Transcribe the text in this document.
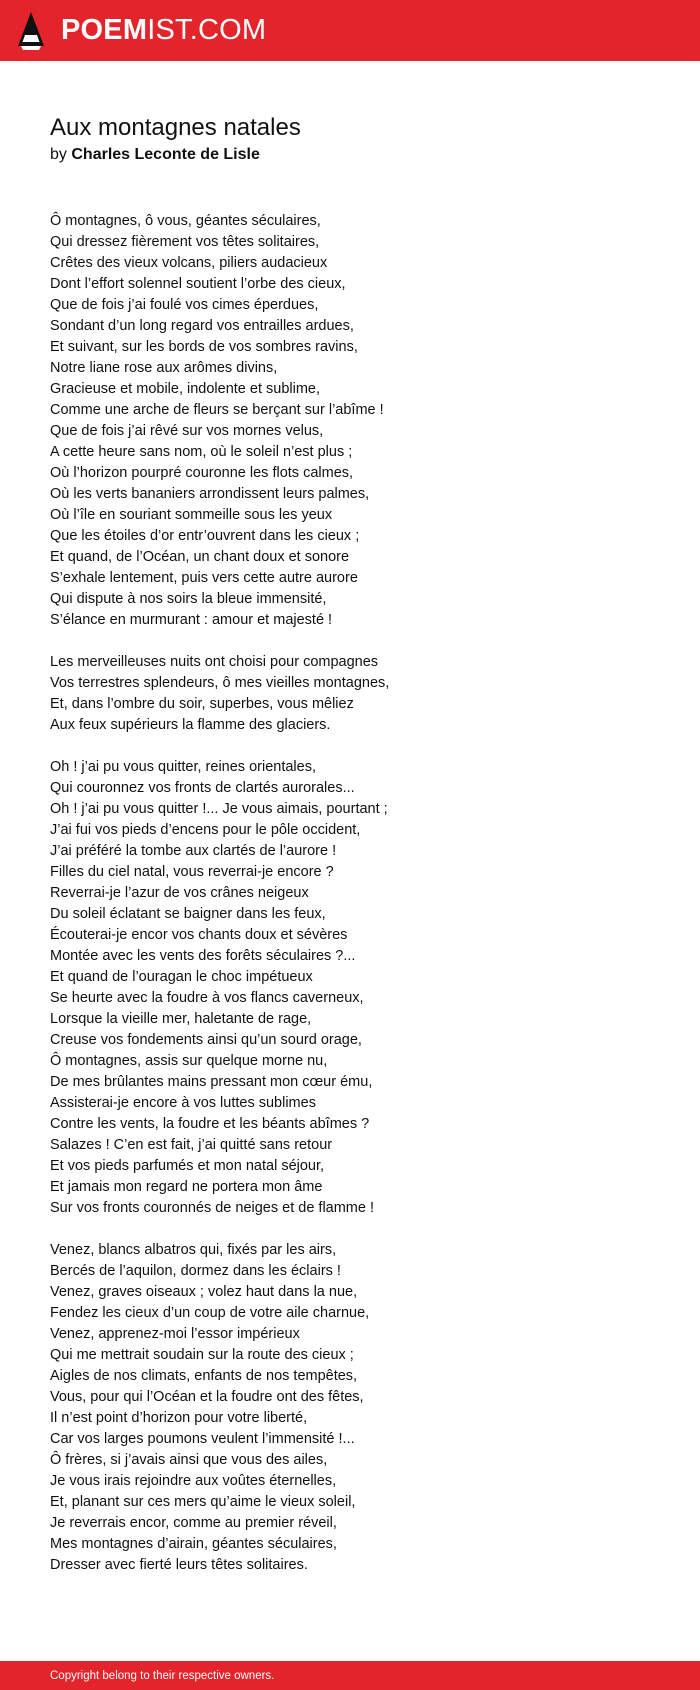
POEMIST.COM
Aux montagnes natales

by Charles Leconte de Lisle

Ô montagnes, ô vous, géantes séculaires,
Qui dressez fièrement vos têtes solitaires,
Crêtes des vieux volcans, piliers audacieux
Dont l’effort solennel soutient l’orbe des cieux,
Que de fois j’ai foulé vos cimes éperdues,
Sondant d’un long regard vos entrailles ardues,
Et suivant, sur les bords de vos sombres ravins,
Notre liane rose aux arômes divins,
Gracieuse et mobile, indolente et sublime,
Comme une arche de fleurs se berçant sur l’abîme !
Que de fois j’ai rêvé sur vos mornes velus,
A cette heure sans nom, où le soleil n’est plus ;
Où l’horizon pourpré couronne les flots calmes,
Où les verts bananiers arrondissent leurs palmes,
Où l’île en souriant sommeille sous les yeux
Que les étoiles d’or entr’ouvrent dans les cieux ;
Et quand, de l’Océan, un chant doux et sonore
S’exhale lentement, puis vers cette autre aurore
Qui dispute à nos soirs la bleue immensité,
S’élance en murmurant : amour et majesté !

Les merveilleuses nuits ont choisi pour compagnes
Vos terrestres splendeurs, ô mes vieilles montagnes,
Et, dans l’ombre du soir, superbes, vous mêliez
Aux feux supérieurs la flamme des glaciers.

Oh ! j’ai pu vous quitter, reines orientales,
Qui couronnez vos fronts de clartés aurorales...
Oh ! j’ai pu vous quitter !... Je vous aimais, pourtant ;
J’ai fui vos pieds d’encens pour le pôle occident,
J’ai préféré la tombe aux clartés de l’aurore !
Filles du ciel natal, vous reverrai-je encore ?
Reverrai-je l’azur de vos crânes neigeux
Du soleil éclatant se baigner dans les feux,
Écouterai-je encor vos chants doux et sévères
Montée avec les vents des forêts séculaires ?...
Et quand de l’ouragan le choc impétueux
Se heurte avec la foudre à vos flancs caverneux,
Lorsque la vieille mer, haletante de rage,
Creuse vos fondements ainsi qu’un sourd orage,
Ô montagnes, assis sur quelque morne nu,
De mes brûlantes mains pressant mon cœur ému,
Assisterai-je encore à vos luttes sublimes
Contre les vents, la foudre et les béants abîmes ?
Salazes ! C’en est fait, j’ai quitté sans retour
Et vos pieds parfumés et mon natal séjour,
Et jamais mon regard ne portera mon âme
Sur vos fronts couronnés de neiges et de flamme !

Venez, blancs albatros qui, fixés par les airs,
Bercés de l’aquilon, dormez dans les éclairs !
Venez, graves oiseaux ; volez haut dans la nue,
Fendez les cieux d’un coup de votre aile charnue,
Venez, apprenez-moi l’essor impérieux
Qui me mettrait soudain sur la route des cieux ;
Aigles de nos climats, enfants de nos tempêtes,
Vous, pour qui l’Océan et la foudre ont des fêtes,
Il n’est point d’horizon pour votre liberté,
Car vos larges poumons veulent l’immensité !...
Ô frères, si j’avais ainsi que vous des ailes,
Je vous irais rejoindre aux voûtes éternelles,
Et, planant sur ces mers qu’aime le vieux soleil,
Je reverrais encor, comme au premier réveil,
Mes montagnes d’airain, géantes séculaires,
Dresser avec fierté leurs têtes solitaires.

Copyright belong to their respective owners.
